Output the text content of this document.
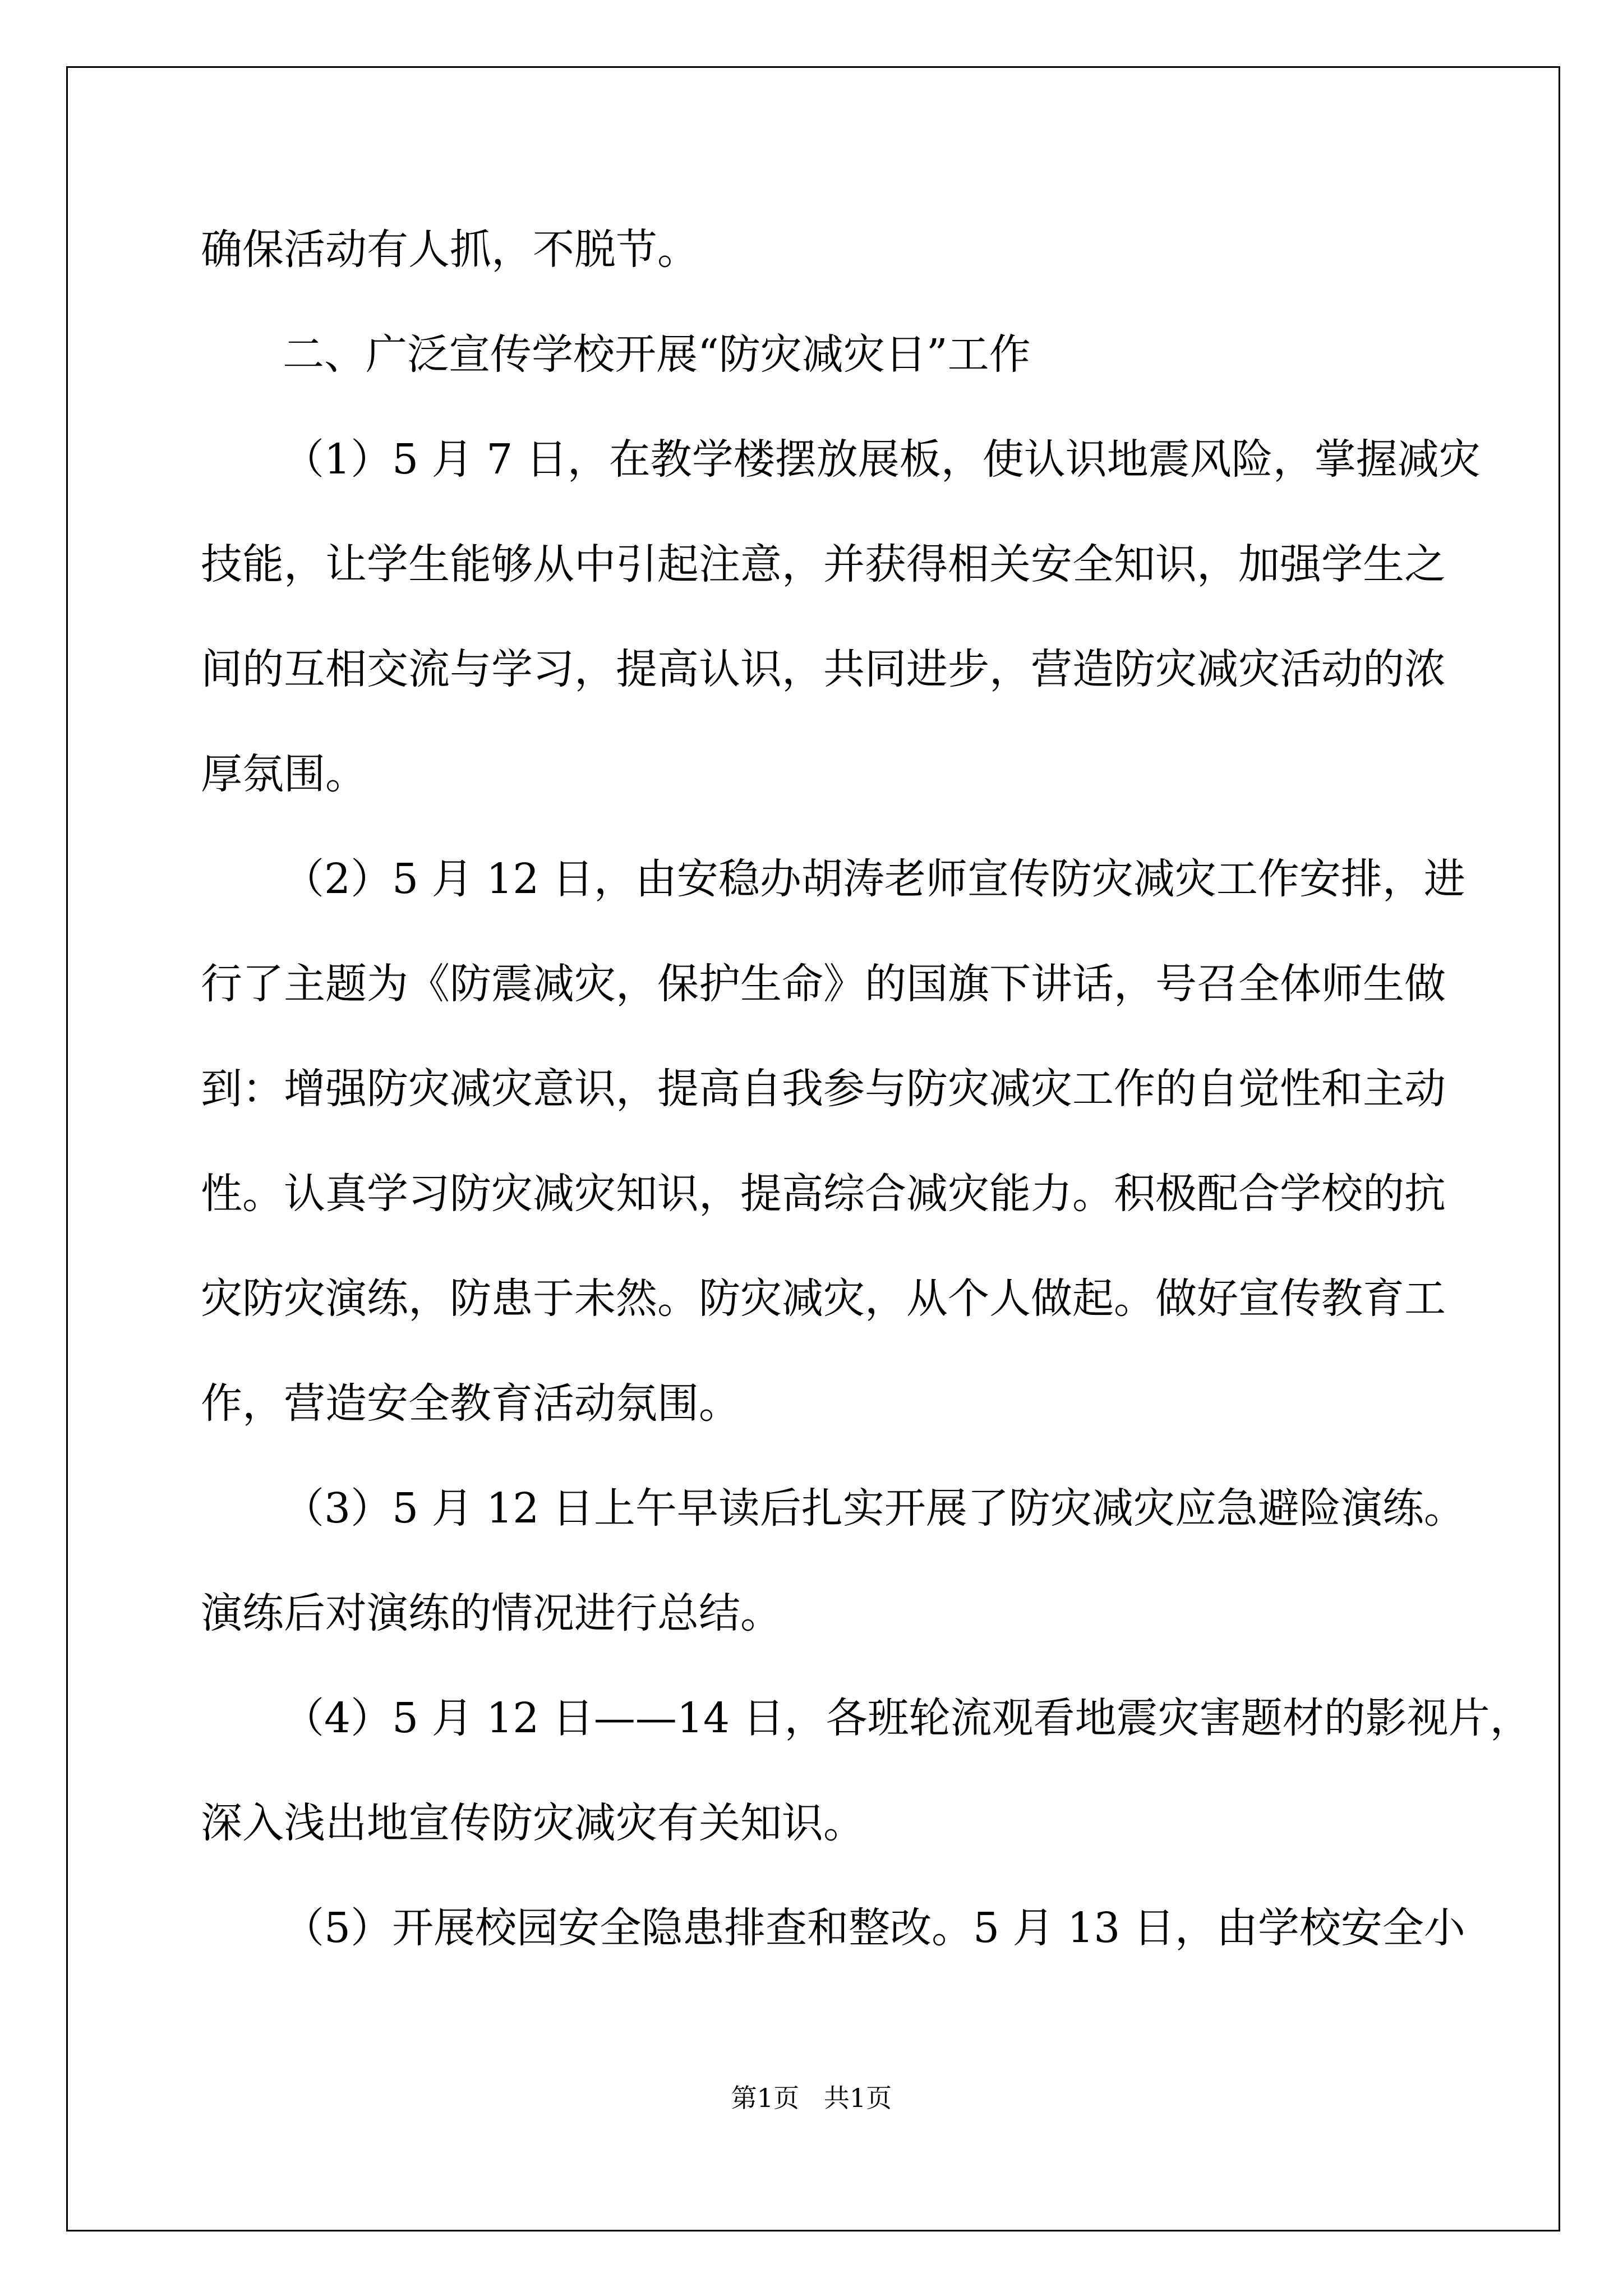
确保活动有人抓，不脱节。

二、广泛宣传学校开展“防灾减灾日”工作

（1）5 月 7 日，在教学楼摆放展板，使认识地震风险，掌握减灾

技能，让学生能够从中引起注意，并获得相关安全知识，加强学生之

间的互相交流与学习，提高认识，共同进步，营造防灾减灾活动的浓

厚氛围。

（2）5 月 12 日，由安稳办胡涛老师宣传防灾减灾工作安排，进

行了主题为《防震减灾，保护生命》的国旗下讲话，号召全体师生做

到：增强防灾减灾意识，提高自我参与防灾减灾工作的自觉性和主动

性。认真学习防灾减灾知识，提高综合减灾能力。积极配合学校的抗

灾防灾演练，防患于未然。防灾减灾，从个人做起。做好宣传教育工

作，营造安全教育活动氛围。

（3）5 月 12 日上午早读后扎实开展了防灾减灾应急避险演练。

演练后对演练的情况进行总结。

（4）5 月 12 日——14 日，各班轮流观看地震灾害题材的影视片，

深入浅出地宣传防灾减灾有关知识。

（5）开展校园安全隐患排查和整改。5 月 13 日，由学校安全小

第1页   共1页
